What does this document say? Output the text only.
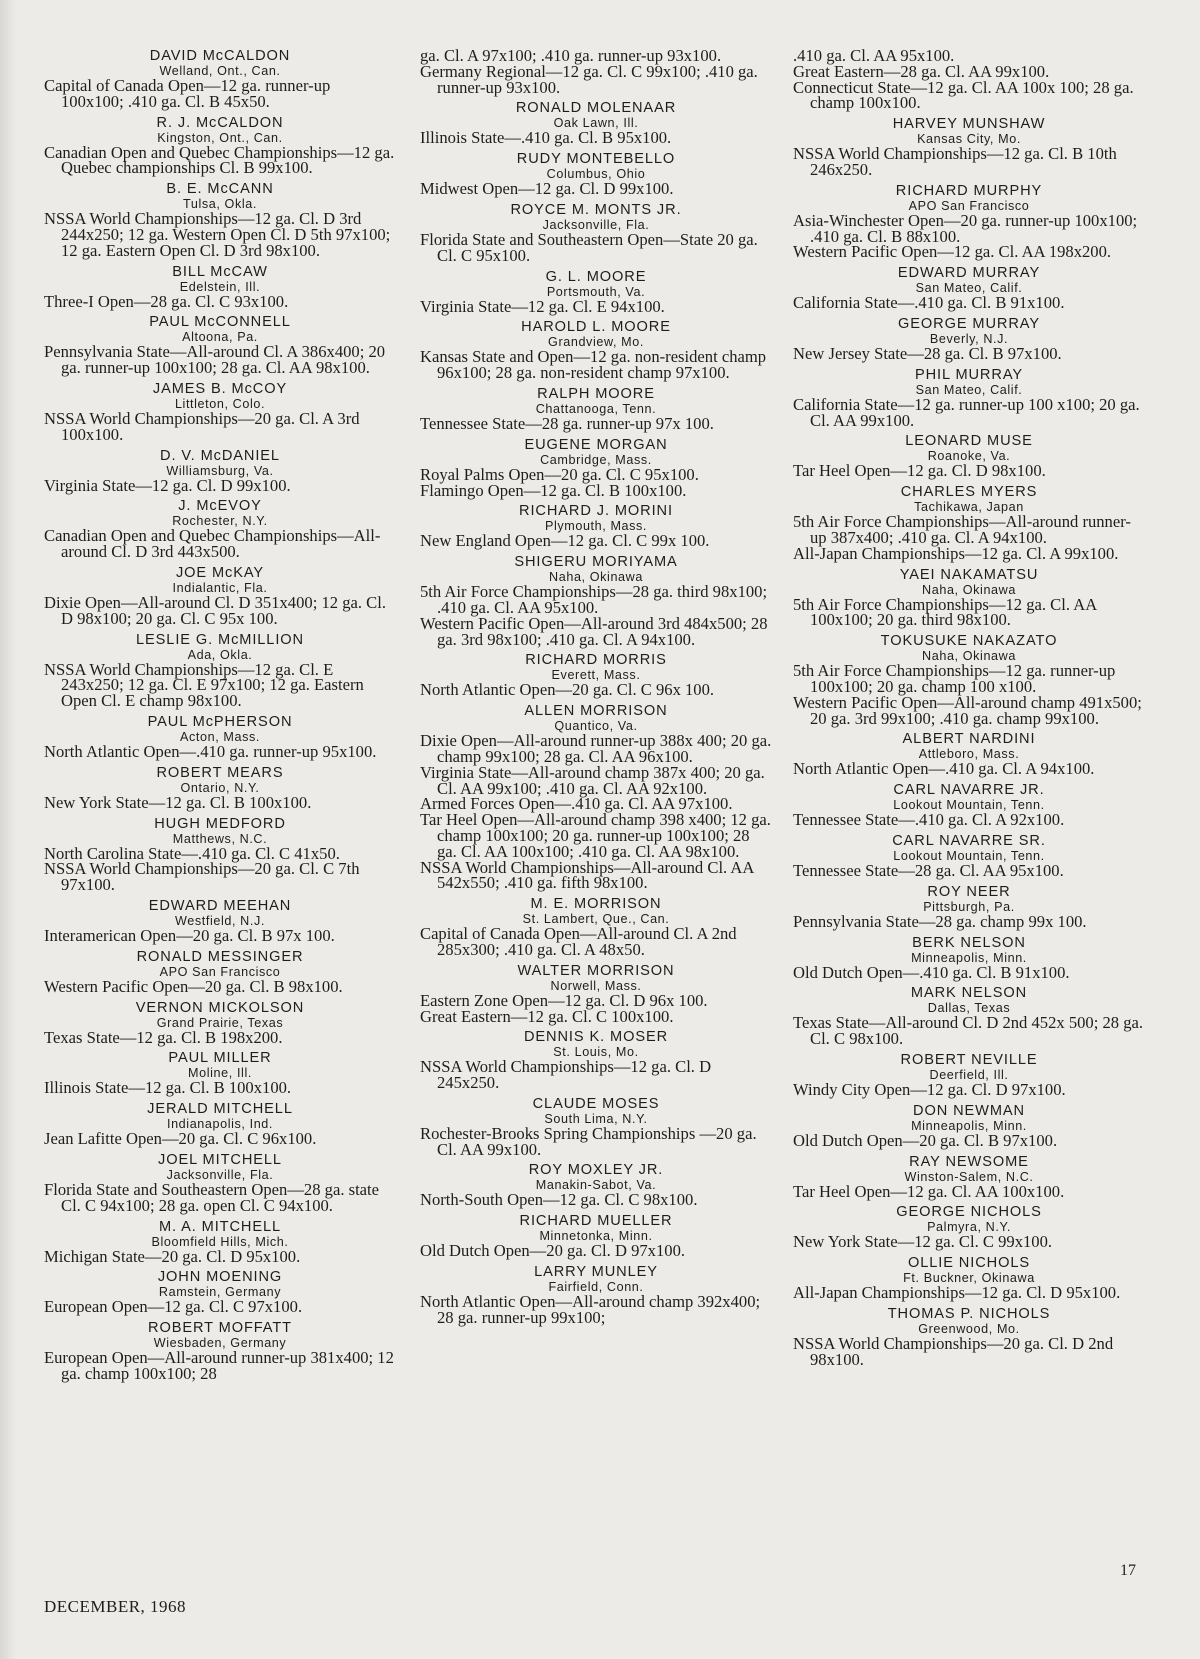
DAVID McCALDON
Welland, Ont., Can.

Capital of Canada Open—12 ga. runner-up 100x100; .410 ga. Cl. B 45x50.

R. J. McCALDON
Kingston, Ont., Can.

Canadian Open and Quebec Championships—12 ga. Quebec championships Cl. B 99x100.

B. E. McCANN
Tulsa, Okla.

NSSA World Championships—12 ga. Cl. D 3rd 244x250; 12 ga. Western Open Cl. D 5th 97x100; 12 ga. Eastern Open Cl. D 3rd 98x100.

BILL McCAW
Edelstein, Ill.

Three-I Open—28 ga. Cl. C 93x100.

PAUL McCONNELL
Altoona, Pa.

Pennsylvania State—All-around Cl. A 386x400; 20 ga. runner-up 100x100; 28 ga. Cl. AA 98x100.

JAMES B. McCOY
Littleton, Colo.

NSSA World Championships—20 ga. Cl. A 3rd 100x100.

D. V. McDANIEL
Williamsburg, Va.

Virginia State—12 ga. Cl. D 99x100.

J. McEVOY
Rochester, N.Y.

Canadian Open and Quebec Championships—All-around Cl. D 3rd 443x500.

JOE McKAY
Indialantic, Fla.

Dixie Open—All-around Cl. D 351x400; 12 ga. Cl. D 98x100; 20 ga. Cl. C 95x 100.

LESLIE G. McMILLION
Ada, Okla.

NSSA World Championships—12 ga. Cl. E 243x250; 12 ga. Cl. E 97x100; 12 ga. Eastern Open Cl. E champ 98x100.

PAUL McPHERSON
Acton, Mass.

North Atlantic Open—.410 ga. runner-up 95x100.

ROBERT MEARS
Ontario, N.Y.

New York State—12 ga. Cl. B 100x100.

HUGH MEDFORD
Matthews, N.C.

North Carolina State—.410 ga. Cl. C 41x50.

NSSA World Championships—20 ga. Cl. C 7th 97x100.

EDWARD MEEHAN
Westfield, N.J.

Interamerican Open—20 ga. Cl. B 97x 100.

RONALD MESSINGER
APO San Francisco

Western Pacific Open—20 ga. Cl. B 98x100.

VERNON MICKOLSON
Grand Prairie, Texas

Texas State—12 ga. Cl. B 198x200.

PAUL MILLER
Moline, Ill.

Illinois State—12 ga. Cl. B 100x100.

JERALD MITCHELL
Indianapolis, Ind.

Jean Lafitte Open—20 ga. Cl. C 96x100.

JOEL MITCHELL
Jacksonville, Fla.

Florida State and Southeastern Open—28 ga. state Cl. C 94x100; 28 ga. open Cl. C 94x100.

M. A. MITCHELL
Bloomfield Hills, Mich.

Michigan State—20 ga. Cl. D 95x100.

JOHN MOENING
Ramstein, Germany

European Open—12 ga. Cl. C 97x100.

ROBERT MOFFATT
Wiesbaden, Germany

European Open—All-around runner-up 381x400; 12 ga. champ 100x100; 28

ga. Cl. A 97x100; .410 ga. runner-up 93x100.

Germany Regional—12 ga. Cl. C 99x100; .410 ga. runner-up 93x100.

RONALD MOLENAAR
Oak Lawn, Ill.

Illinois State—.410 ga. Cl. B 95x100.

RUDY MONTEBELLO
Columbus, Ohio

Midwest Open—12 ga. Cl. D 99x100.

ROYCE M. MONTS JR.
Jacksonville, Fla.

Florida State and Southeastern Open—State 20 ga. Cl. C 95x100.

G. L. MOORE
Portsmouth, Va.

Virginia State—12 ga. Cl. E 94x100.

HAROLD L. MOORE
Grandview, Mo.

Kansas State and Open—12 ga. non-resident champ 96x100; 28 ga. non-resident champ 97x100.

RALPH MOORE
Chattanooga, Tenn.

Tennessee State—28 ga. runner-up 97x 100.

EUGENE MORGAN
Cambridge, Mass.

Royal Palms Open—20 ga. Cl. C 95x100.

Flamingo Open—12 ga. Cl. B 100x100.

RICHARD J. MORINI
Plymouth, Mass.

New England Open—12 ga. Cl. C 99x 100.

SHIGERU MORIYAMA
Naha, Okinawa

5th Air Force Championships—28 ga. third 98x100; .410 ga. Cl. AA 95x100.

Western Pacific Open—All-around 3rd 484x500; 28 ga. 3rd 98x100; .410 ga. Cl. A 94x100.

RICHARD MORRIS
Everett, Mass.

North Atlantic Open—20 ga. Cl. C 96x 100.

ALLEN MORRISON
Quantico, Va.

Dixie Open—All-around runner-up 388x 400; 20 ga. champ 99x100; 28 ga. Cl. AA 96x100.

Virginia State—All-around champ 387x 400; 20 ga. Cl. AA 99x100; .410 ga. Cl. AA 92x100.

Armed Forces Open—.410 ga. Cl. AA 97x100.

Tar Heel Open—All-around champ 398 x400; 12 ga. champ 100x100; 20 ga. runner-up 100x100; 28 ga. Cl. AA 100x100; .410 ga. Cl. AA 98x100.

NSSA World Championships—All-around Cl. AA 542x550; .410 ga. fifth 98x100.

M. E. MORRISON
St. Lambert, Que., Can.

Capital of Canada Open—All-around Cl. A 2nd 285x300; .410 ga. Cl. A 48x50.

WALTER MORRISON
Norwell, Mass.

Eastern Zone Open—12 ga. Cl. D 96x 100.

Great Eastern—12 ga. Cl. C 100x100.

DENNIS K. MOSER
St. Louis, Mo.

NSSA World Championships—12 ga. Cl. D 245x250.

CLAUDE MOSES
South Lima, N.Y.

Rochester-Brooks Spring Championships —20 ga. Cl. AA 99x100.

ROY MOXLEY JR.
Manakin-Sabot, Va.

North-South Open—12 ga. Cl. C 98x100.

RICHARD MUELLER
Minnetonka, Minn.

Old Dutch Open—20 ga. Cl. D 97x100.

LARRY MUNLEY
Fairfield, Conn.

North Atlantic Open—All-around champ 392x400; 28 ga. runner-up 99x100;

.410 ga. Cl. AA 95x100.

Great Eastern—28 ga. Cl. AA 99x100.

Connecticut State—12 ga. Cl. AA 100x 100; 28 ga. champ 100x100.

HARVEY MUNSHAW
Kansas City, Mo.

NSSA World Championships—12 ga. Cl. B 10th 246x250.

RICHARD MURPHY
APO San Francisco

Asia-Winchester Open—20 ga. runner-up 100x100; .410 ga. Cl. B 88x100.

Western Pacific Open—12 ga. Cl. AA 198x200.

EDWARD MURRAY
San Mateo, Calif.

California State—.410 ga. Cl. B 91x100.

GEORGE MURRAY
Beverly, N.J.

New Jersey State—28 ga. Cl. B 97x100.

PHIL MURRAY
San Mateo, Calif.

California State—12 ga. runner-up 100 x100; 20 ga. Cl. AA 99x100.

LEONARD MUSE
Roanoke, Va.

Tar Heel Open—12 ga. Cl. D 98x100.

CHARLES MYERS
Tachikawa, Japan

5th Air Force Championships—All-around runner-up 387x400; .410 ga. Cl. A 94x100.

All-Japan Championships—12 ga. Cl. A 99x100.

YAEI NAKAMATSU
Naha, Okinawa

5th Air Force Championships—12 ga. Cl. AA 100x100; 20 ga. third 98x100.

TOKUSUKE NAKAZATO
Naha, Okinawa

5th Air Force Championships—12 ga. runner-up 100x100; 20 ga. champ 100 x100.

Western Pacific Open—All-around champ 491x500; 20 ga. 3rd 99x100; .410 ga. champ 99x100.

ALBERT NARDINI
Attleboro, Mass.

North Atlantic Open—.410 ga. Cl. A 94x100.

CARL NAVARRE JR.
Lookout Mountain, Tenn.

Tennessee State—.410 ga. Cl. A 92x100.

CARL NAVARRE SR.
Lookout Mountain, Tenn.

Tennessee State—28 ga. Cl. AA 95x100.

ROY NEER
Pittsburgh, Pa.

Pennsylvania State—28 ga. champ 99x 100.

BERK NELSON
Minneapolis, Minn.

Old Dutch Open—.410 ga. Cl. B 91x100.

MARK NELSON
Dallas, Texas

Texas State—All-around Cl. D 2nd 452x 500; 28 ga. Cl. C 98x100.

ROBERT NEVILLE
Deerfield, Ill.

Windy City Open—12 ga. Cl. D 97x100.

DON NEWMAN
Minneapolis, Minn.

Old Dutch Open—20 ga. Cl. B 97x100.

RAY NEWSOME
Winston-Salem, N.C.

Tar Heel Open—12 ga. Cl. AA 100x100.

GEORGE NICHOLS
Palmyra, N.Y.

New York State—12 ga. Cl. C 99x100.

OLLIE NICHOLS
Ft. Buckner, Okinawa

All-Japan Championships—12 ga. Cl. D 95x100.

THOMAS P. NICHOLS
Greenwood, Mo.

NSSA World Championships—20 ga. Cl. D 2nd 98x100.

DECEMBER, 1968
17
